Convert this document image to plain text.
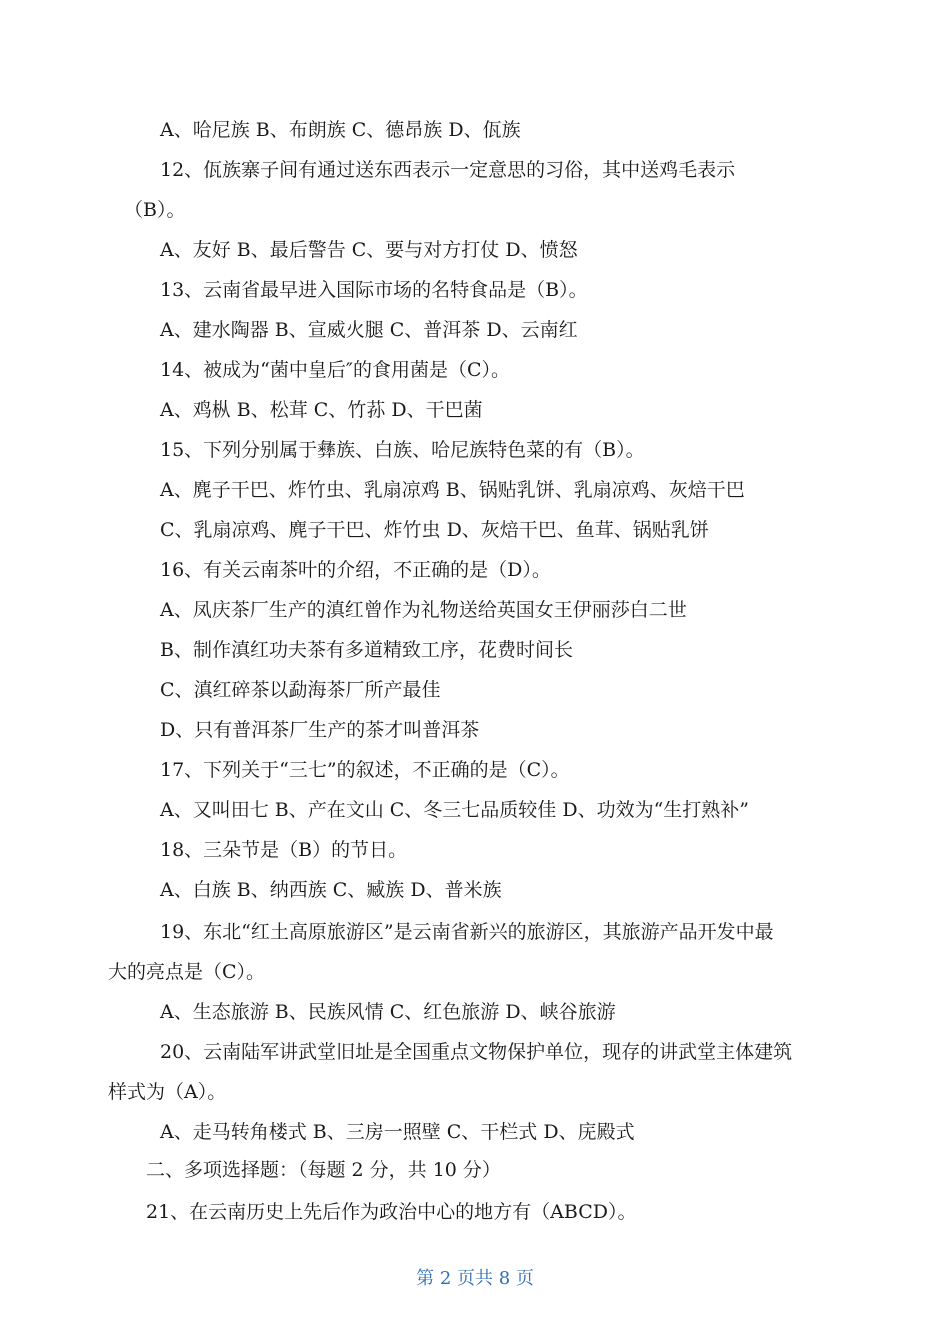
A、哈尼族 B、布朗族 C、德昂族 D、佤族
12、佤族寨子间有通过送东西表示一定意思的习俗，其中送鸡毛表示
（B）。
A、友好 B、最后警告 C、要与对方打仗 D、愤怒
13、云南省最早进入国际市场的名特食品是（B）。
A、建水陶器 B、宣威火腿 C、普洱茶 D、云南红
14、被成为“菌中皇后″的食用菌是（C）。
A、鸡枞 B、松茸 C、竹荪 D、干巴菌
15、下列分别属于彝族、白族、哈尼族特色菜的有（B）。
A、麂子干巴、炸竹虫、乳扇凉鸡 B、锅贴乳饼、乳扇凉鸡、灰焙干巴
C、乳扇凉鸡、麂子干巴、炸竹虫 D、灰焙干巴、鱼茸、锅贴乳饼
16、有关云南茶叶的介绍，不正确的是（D）。
A、凤庆茶厂生产的滇红曾作为礼物送给英国女王伊丽莎白二世
B、制作滇红功夫茶有多道精致工序，花费时间长
C、滇红碎茶以勐海茶厂所产最佳
D、只有普洱茶厂生产的茶才叫普洱茶
17、下列关于“三七”的叙述，不正确的是（C）。
A、又叫田七 B、产在文山 C、冬三七品质较佳 D、功效为“生打熟补”
18、三朵节是（B）的节日。
A、白族 B、纳西族 C、臧族 D、普米族
19、东北“红土高原旅游区”是云南省新兴的旅游区，其旅游产品开发中最
大的亮点是（C）。
A、生态旅游 B、民族风情 C、红色旅游 D、峡谷旅游
20、云南陆军讲武堂旧址是全国重点文物保护单位，现存的讲武堂主体建筑
样式为（A）。
A、走马转角楼式 B、三房一照壁 C、干栏式 D、庑殿式
二、多项选择题：（每题 2 分，共 10 分）
21、在云南历史上先后作为政治中心的地方有（ABCD）。
第 2 页共 8 页
